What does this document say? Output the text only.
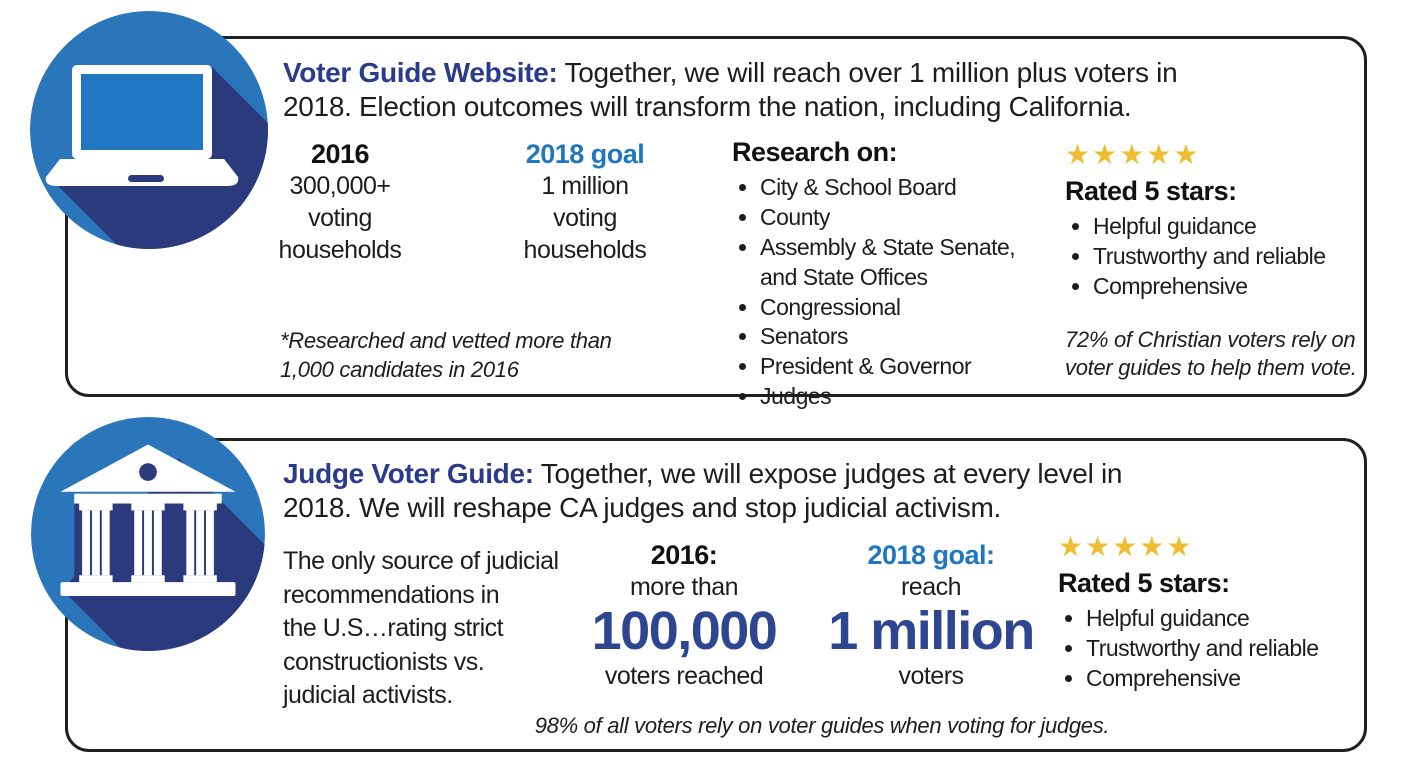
Voter Guide Website: Together, we will reach over 1 million plus voters in
2018. Election outcomes will transform the nation, including California.
2016
300,000+
voting
households
2018 goal
1 million
voting
households
*Researched and vetted more than
1,000 candidates in 2016
Research on:
• City & School Board
• County
• Assembly & State Senate, and State Offices
• Congressional
• Senators
• President & Governor
• Judges
★★★★★
Rated 5 stars:
• Helpful guidance
• Trustworthy and reliable
• Comprehensive
72% of Christian voters rely on
voter guides to help them vote.
Judge Voter Guide: Together, we will expose judges at every level in
2018. We will reshape CA judges and stop judicial activism.
The only source of judicial
recommendations in
the U.S…rating strict
constructionists vs.
judicial activists.
2016:
more than
100,000
voters reached
2018 goal:
reach
1 million
voters
★★★★★
Rated 5 stars:
• Helpful guidance
• Trustworthy and reliable
• Comprehensive
98% of all voters rely on voter guides when voting for judges.
